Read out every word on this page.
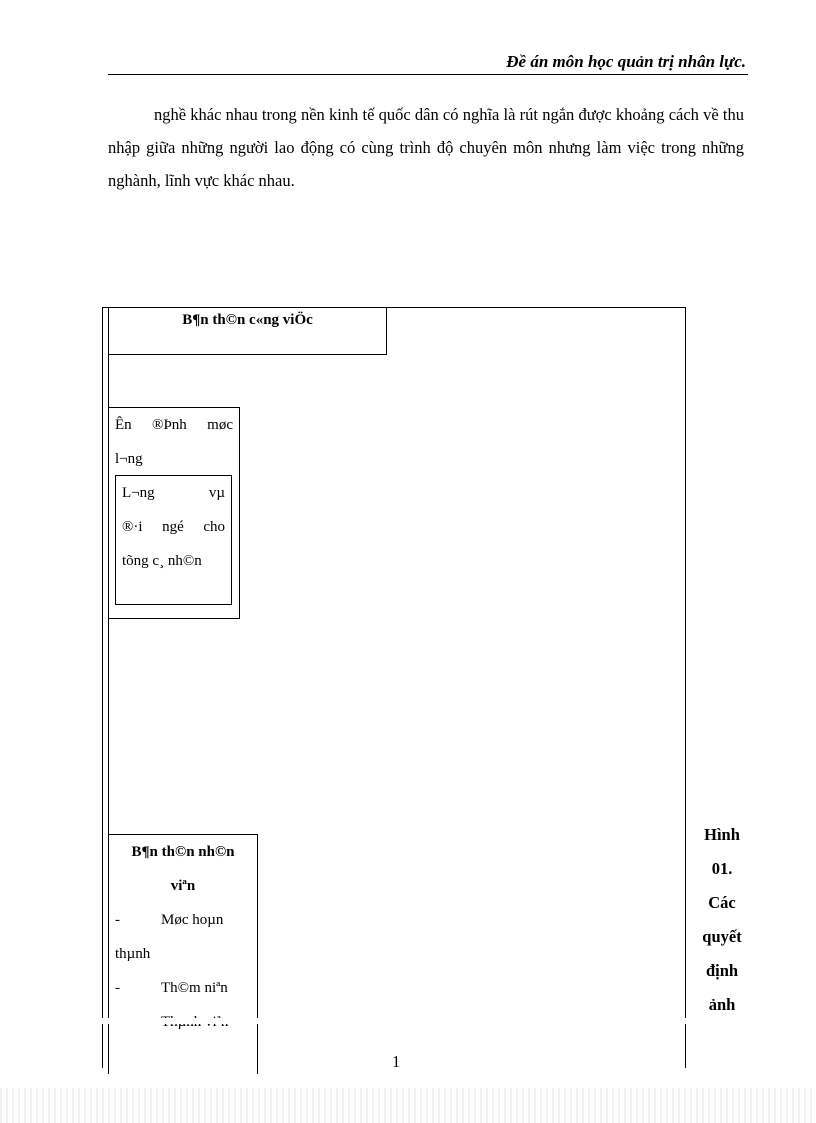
Đề án môn học quản trị nhân lực.

nghề khác nhau trong nền kinh tế quốc dân có nghĩa là rút ngắn được khoảng cách về thu nhập giữa những người lao động có cùng trình độ chuyên môn nhưng làm việc trong những nghành, lĩnh vực khác nhau.

B¶n th©n c«ng viÖc
Ên ®Þnh møc
l¬ng
L¬ng vµ
®·i ngé cho
tõng c¸ nh©n
B¶n th©n nh©n
viªn
-	Møc hoµn
thµnh
-	Th©m niªn
Hình
01.
Các
quyết
định
ảnh
1
